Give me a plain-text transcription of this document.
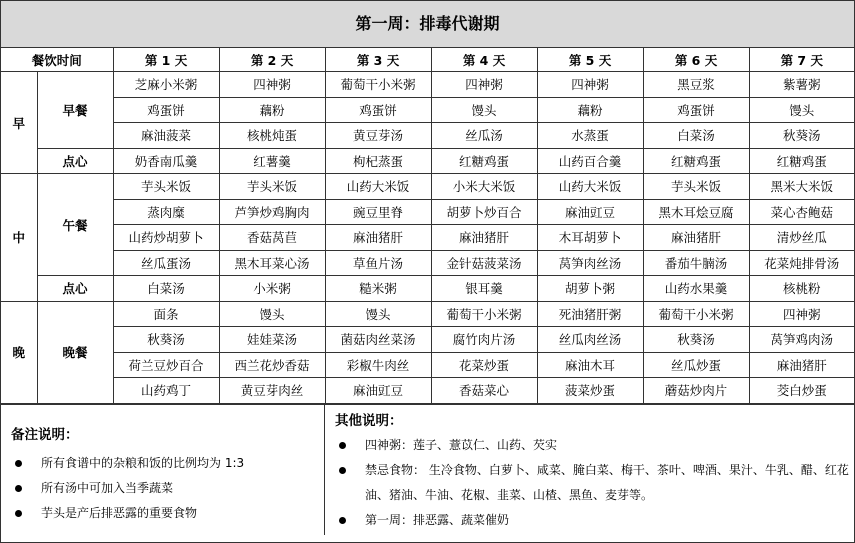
第一周：排毒代谢期
餐饮时间		第 1 天	第 2 天	第 3 天	第 4 天	第 5 天	第 6 天	第 7 天
早	早餐	芝麻小米粥	四神粥	葡萄干小米粥	四神粥	四神粥	黑豆浆	紫薯粥
		鸡蛋饼	藕粉	鸡蛋饼	馒头	藕粉	鸡蛋饼	馒头
		麻油菠菜	核桃炖蛋	黄豆芽汤	丝瓜汤	水蒸蛋	白菜汤	秋葵汤
	点心	奶香南瓜羹	红薯羹	枸杞蒸蛋	红糖鸡蛋	山药百合羹	红糖鸡蛋	红糖鸡蛋
中	午餐	芋头米饭	芋头米饭	山药大米饭	小米大米饭	山药大米饭	芋头米饭	黑米大米饭
		蒸肉糜	芦笋炒鸡胸肉	豌豆里脊	胡萝卜炒百合	麻油豇豆	黑木耳烩豆腐	菜心杏鲍菇
		山药炒胡萝卜	香菇莴苣	麻油猪肝	麻油猪肝	木耳胡萝卜	麻油猪肝	清炒丝瓜
		丝瓜蛋汤	黑木耳菜心汤	草鱼片汤	金针菇菠菜汤	莴笋肉丝汤	番茄牛腩汤	花菜炖排骨汤
	点心	白菜汤	小米粥	糙米粥	银耳羹	胡萝卜粥	山药水果羹	核桃粉
晚	晚餐	面条	馒头	馒头	葡萄干小米粥	死油猪肝粥	葡萄干小米粥	四神粥
		秋葵汤	娃娃菜汤	菌菇肉丝菜汤	腐竹肉片汤	丝瓜肉丝汤	秋葵汤	莴笋鸡肉汤
		荷兰豆炒百合	西兰花炒香菇	彩椒牛肉丝	花菜炒蛋	麻油木耳	丝瓜炒蛋	麻油猪肝
		山药鸡丁	黄豆芽肉丝	麻油豇豆	香菇菜心	菠菜炒蛋	蘑菇炒肉片	茭白炒蛋
备注说明：
所有食谱中的杂粮和饭的比例均为 1:3
所有汤中可加入当季蔬菜
芋头是产后排恶露的重要食物
其他说明：
四神粥：莲子、薏苡仁、山药、芡实
禁忌食物： 生冷食物、白萝卜、咸菜、腌白菜、梅干、茶叶、啤酒、果汁、牛乳、醋、红花油、猪油、牛油、花椒、韭菜、山楂、黑鱼、麦芽等。
第一周：排恶露、蔬菜催奶
